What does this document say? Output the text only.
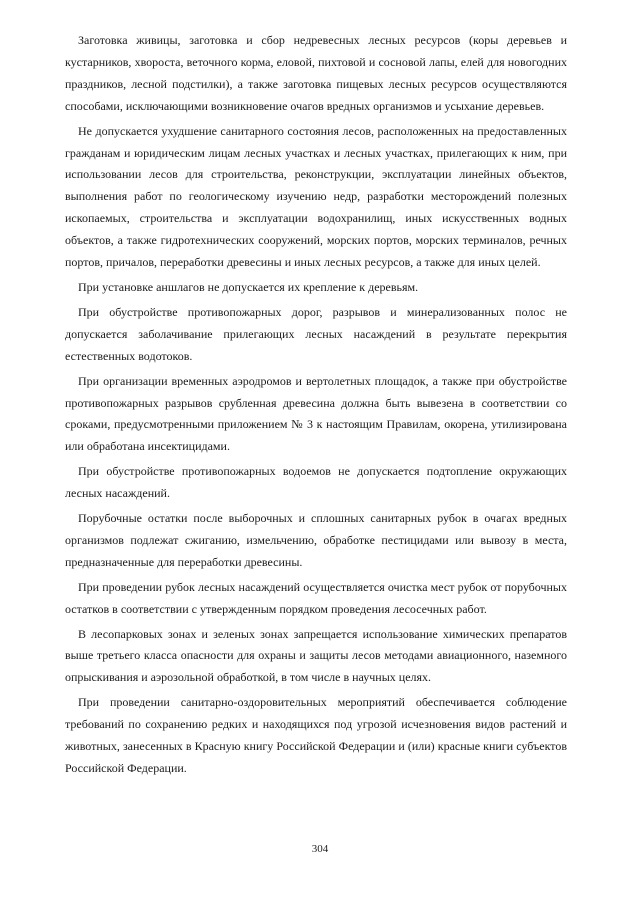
Заготовка живицы, заготовка и сбор недревесных лесных ресурсов (коры деревьев и кустарников, хвороста, веточного корма, еловой, пихтовой и сосновой лапы, елей для новогодних праздников, лесной подстилки), а также заготовка пищевых лесных ресурсов осуществляются способами, исключающими возникновение очагов вредных организмов и усыхание деревьев.

Не допускается ухудшение санитарного состояния лесов, расположенных на предоставленных гражданам и юридическим лицам лесных участках и лесных участках, прилегающих к ним, при использовании лесов для строительства, реконструкции, эксплуатации линейных объектов, выполнения работ по геологическому изучению недр, разработки месторождений полезных ископаемых, строительства и эксплуатации водохранилищ, иных искусственных водных объектов, а также гидротехнических сооружений, морских портов, морских терминалов, речных портов, причалов, переработки древесины и иных лесных ресурсов, а также для иных целей.

При установке аншлагов не допускается их крепление к деревьям.

При обустройстве противопожарных дорог, разрывов и минерализованных полос не допускается заболачивание прилегающих лесных насаждений в результате перекрытия естественных водотоков.

При организации временных аэродромов и вертолетных площадок, а также при обустройстве противопожарных разрывов срубленная древесина должна быть вывезена в соответствии со сроками, предусмотренными приложением № 3 к настоящим Правилам, окорена, утилизирована или обработана инсектицидами.

При обустройстве противопожарных водоемов не допускается подтопление окружающих лесных насаждений.

Порубочные остатки после выборочных и сплошных санитарных рубок в очагах вредных организмов подлежат сжиганию, измельчению, обработке пестицидами или вывозу в места, предназначенные для переработки древесины.

При проведении рубок лесных насаждений осуществляется очистка мест рубок от порубочных остатков в соответствии с утвержденным порядком проведения лесосечных работ.

В лесопарковых зонах и зеленых зонах запрещается использование химических препаратов выше третьего класса опасности для охраны и защиты лесов методами авиационного, наземного опрыскивания и аэрозольной обработкой, в том числе в научных целях.

При проведении санитарно-оздоровительных мероприятий обеспечивается соблюдение требований по сохранению редких и находящихся под угрозой исчезновения видов растений и животных, занесенных в Красную книгу Российской Федерации и (или) красные книги субъектов Российской Федерации.

304
